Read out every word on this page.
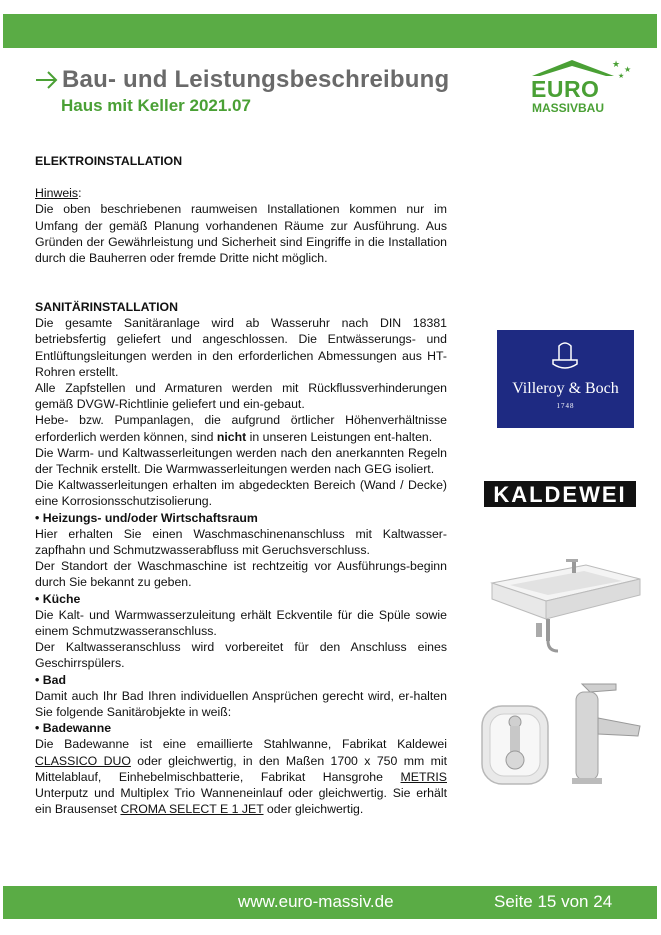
Bau- und Leistungsbeschreibung
Haus mit Keller 2021.07
★
★
★
EURO
MASSIVBAU

ELEKTROINSTALLATION

Hinweis:

Die oben beschriebenen raumweisen Installationen kommen nur im Umfang der gemäß Planung vorhandenen Räume zur Ausführung. Aus Gründen der Gewährleistung und Sicherheit sind Eingriffe in die Installation durch die Bauherren oder fremde Dritte nicht möglich.

SANITÄRINSTALLATION

Die gesamte Sanitäranlage wird ab Wasseruhr nach DIN 18381 betriebsfertig geliefert und angeschlossen. Die Entwässerungs- und Entlüftungsleitungen werden in den erforderlichen Abmessungen aus HT-Rohren erstellt.

Alle Zapfstellen und Armaturen werden mit Rückflussverhinderungen gemäß DVGW-Richtlinie geliefert und ein-gebaut.

Hebe- bzw. Pumpanlagen, die aufgrund örtlicher Höhenverhältnisse erforderlich werden können, sind nicht in unseren Leistungen ent-halten.

Die Warm- und Kaltwasserleitungen werden nach den anerkannten Regeln der Technik erstellt. Die Warmwasserleitungen werden nach GEG isoliert.

Die Kaltwasserleitungen erhalten im abgedeckten Bereich (Wand / Decke) eine Korrosionsschutzisolierung.

• Heizungs- und/oder Wirtschaftsraum

Hier erhalten Sie einen Waschmaschinenanschluss mit Kaltwasser-zapfhahn und Schmutzwasserabfluss mit Geruchsverschluss.

Der Standort der Waschmaschine ist rechtzeitig vor Ausführungs-beginn durch Sie bekannt zu geben.

• Küche

Die Kalt- und Warmwasserzuleitung erhält Eckventile für die Spüle sowie einem Schmutzwasseranschluss.

Der Kaltwasseranschluss wird vorbereitet für den Anschluss eines Geschirrspülers.

• Bad

Damit auch Ihr Bad Ihren individuellen Ansprüchen gerecht wird, er-halten Sie folgende Sanitärobjekte in weiß:

• Badewanne

Die Badewanne ist eine emaillierte Stahlwanne, Fabrikat Kaldewei CLASSICO DUO oder gleichwertig, in den Maßen 1700 x 750 mm mit Mittelablauf, Einhebelmischbatterie, Fabrikat Hansgrohe METRIS Unterputz und Multiplex Trio Wanneneinlauf oder gleichwertig. Sie erhält ein Brausenset CROMA SELECT E 1 JET oder gleichwertig.

Villeroy & Boch
1748
KALDEWEI
www.euro-massiv.de	Seite 15 von 24
